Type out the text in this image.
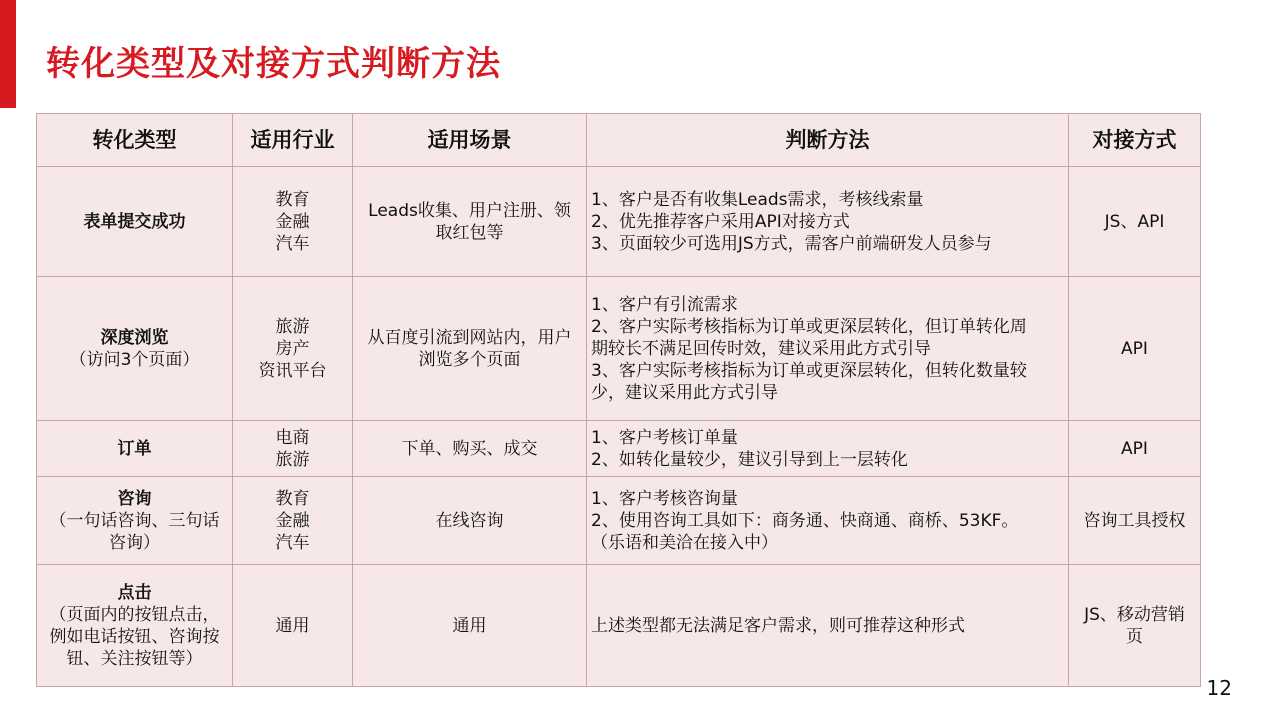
转化类型及对接方式判断方法
转化类型	适用行业	适用场景	判断方法	对接方式

表单提交成功	教育
金融
汽车	Leads收集、用户注册、领
取红包等	1、客户是否有收集Leads需求，考核线索量
2、优先推荐客户采用API对接方式
3、页面较少可选用JS方式，需客户前端研发人员参与	JS、API

深度浏览
（访问3个页面）	旅游
房产
资讯平台	从百度引流到网站内，用户
浏览多个页面	1、客户有引流需求
2、客户实际考核指标为订单或更深层转化，但订单转化周
期较长不满足回传时效，建议采用此方式引导
3、客户实际考核指标为订单或更深层转化，但转化数量较
少，建议采用此方式引导	API

订单	电商
旅游	下单、购买、成交	1、客户考核订单量
2、如转化量较少，建议引导到上一层转化	API

咨询
（一句话咨询、三句话
咨询）	教育
金融
汽车	在线咨询	1、客户考核咨询量
2、使用咨询工具如下：商务通、快商通、商桥、53KF。
（乐语和美洽在接入中）	咨询工具授权

点击
（页面内的按钮点击，
例如电话按钮、咨询按
钮、关注按钮等）	通用	通用	上述类型都无法满足客户需求，则可推荐这种形式	JS、移动营销
页
12
